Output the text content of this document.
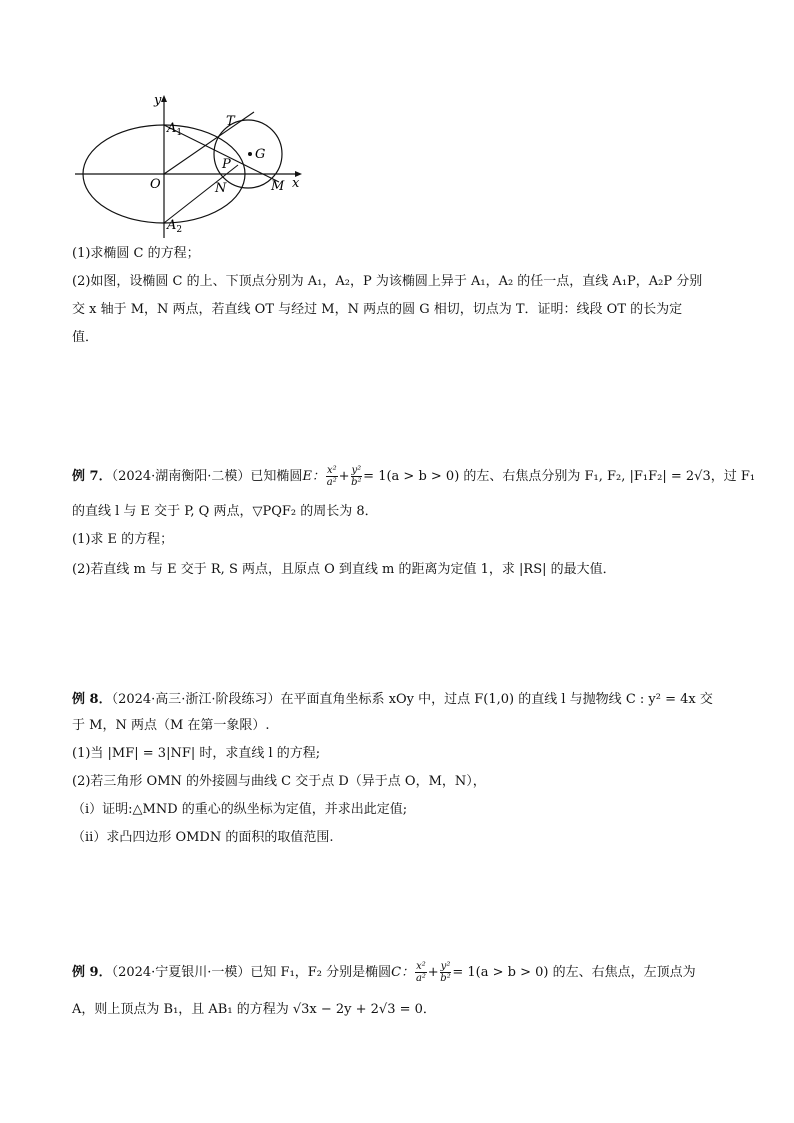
y
x
O
$A_1$
$A_2$
T
P
G
N	M
(1)求椭圆 C 的方程；
(2)如图，设椭圆 C 的上、下顶点分别为 A₁，A₂，P 为该椭圆上异于 A₁，A₂ 的任一点，直线 A₁P，A₂P 分别
交 x 轴于 M，N 两点，若直线 OT 与经过 M，N 两点的圆 G 相切，切点为 T．证明：线段 OT 的长为定
值．
例 7．（2024·湖南衡阳·二模）已知椭圆E： $\frac{\text{x²}}{\text{a²}} + \frac{\text{y²}}{\text{b²}} = 1(a > b > 0)$ 的左、右焦点分别为 F₁, F₂, |F₁F₂| = 2√3，过 F₁
的直线 l 与 E 交于 P, Q 两点，▽PQF₂ 的周长为 8．
(1)求 E 的方程；
(2)若直线 m 与 E 交于 R, S 两点，且原点 O 到直线 m 的距离为定值 1，求 |RS| 的最大值．
例 8．（2024·高三·浙江·阶段练习）在平面直角坐标系 xOy 中，过点 F(1,0) 的直线 l 与抛物线 C : y² = 4x 交
于 M，N 两点（M 在第一象限）.
(1)当 |MF| = 3|NF| 时，求直线 l 的方程;
(2)若三角形 OMN 的外接圆与曲线 C 交于点 D（异于点 O，M，N），
（i）证明:△MND 的重心的纵坐标为定值，并求出此定值;
（ii）求凸四边形 OMDN 的面积的取值范围.
例 9．（2024·宁夏银川·一模）已知 F₁，F₂ 分别是椭圆C： $\frac{\text{x²}}{\text{a²}} + \frac{\text{y²}}{\text{b²}} = 1(a > b > 0)$ 的左、右焦点，左顶点为
A，则上顶点为 B₁，且 AB₁ 的方程为 √3x − 2y + 2√3 = 0．
